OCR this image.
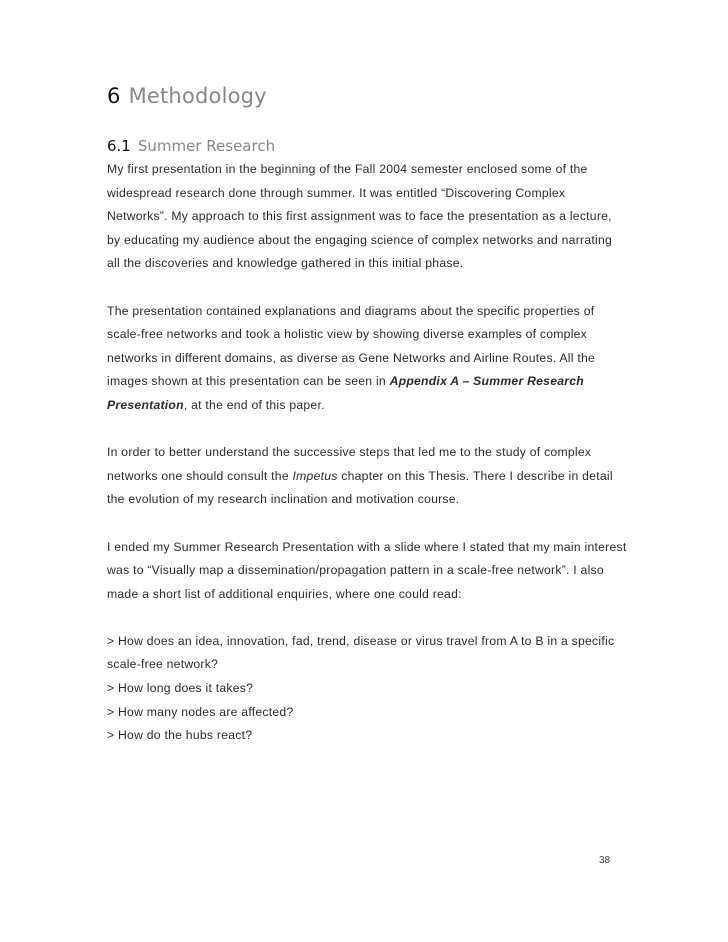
6 Methodology
6.1 Summer Research

My first presentation in the beginning of the Fall 2004 semester enclosed some of the widespread research done through summer. It was entitled “Discovering Complex Networks”. My approach to this first assignment was to face the presentation as a lecture, by educating my audience about the engaging science of complex networks and narrating all the discoveries and knowledge gathered in this initial phase.

The presentation contained explanations and diagrams about the specific properties of scale-free networks and took a holistic view by showing diverse examples of complex networks in different domains, as diverse as Gene Networks and Airline Routes. All the images shown at this presentation can be seen in Appendix A – Summer Research Presentation, at the end of this paper.

In order to better understand the successive steps that led me to the study of complex networks one should consult the Impetus chapter on this Thesis. There I describe in detail the evolution of my research inclination and motivation course.

I ended my Summer Research Presentation with a slide where I stated that my main interest was to “Visually map a dissemination/propagation pattern in a scale-free network”. I also made a short list of additional enquiries, where one could read:

> How does an idea, innovation, fad, trend, disease or virus travel from A to B in a specific scale-free network?
> How long does it takes?
> How many nodes are affected?
> How do the hubs react?
38
